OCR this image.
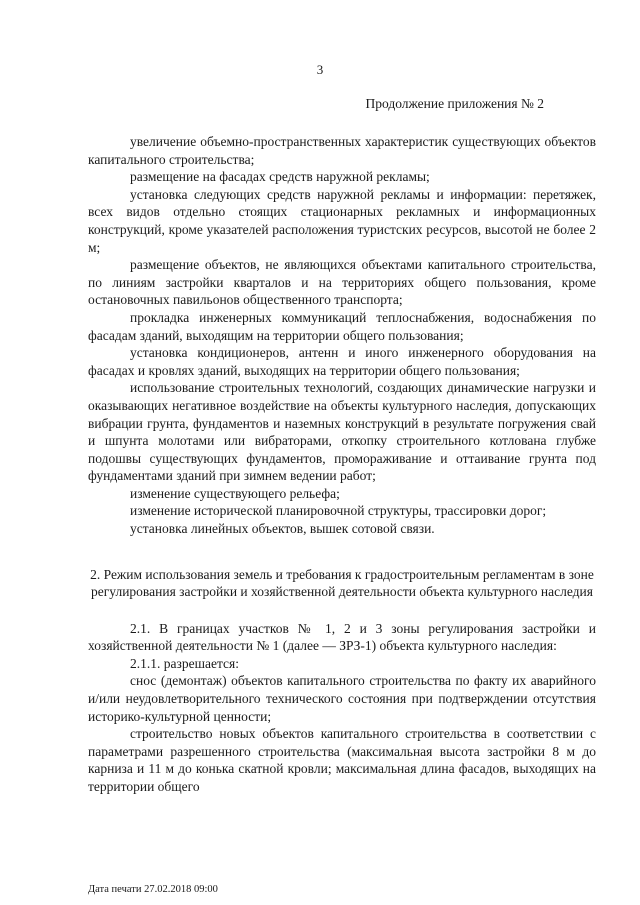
3
Продолжение приложения № 2

увеличение объемно-пространственных характеристик существующих объектов капитального строительства;

размещение на фасадах средств наружной рекламы;

установка следующих средств наружной рекламы и информации: перетяжек, всех видов отдельно стоящих стационарных рекламных и информационных конструкций, кроме указателей расположения туристских ресурсов, высотой не более 2 м;

размещение объектов, не являющихся объектами капитального строительства, по линиям застройки кварталов и на территориях общего пользования, кроме остановочных павильонов общественного транспорта;

прокладка инженерных коммуникаций теплоснабжения, водоснабжения по фасадам зданий, выходящим на территории общего пользования;

установка кондиционеров, антенн и иного инженерного оборудования на фасадах и кровлях зданий, выходящих на территории общего пользования;

использование строительных технологий, создающих динамические нагрузки и оказывающих негативное воздействие на объекты культурного наследия, допускающих вибрации грунта, фундаментов и наземных конструкций в результате погружения свай и шпунта молотами или вибраторами, откопку строительного котлована глубже подошвы существующих фундаментов, промораживание и оттаивание грунта под фундаментами зданий при зимнем ведении работ;

изменение существующего рельефа;

изменение исторической планировочной структуры, трассировки дорог;

установка линейных объектов, вышек сотовой связи.

2. Режим использования земель и требования к градостроительным регламентам в зоне регулирования застройки и хозяйственной деятельности объекта культурного наследия

2.1. В границах участков № 1, 2 и 3 зоны регулирования застройки и хозяйственной деятельности № 1 (далее — ЗРЗ-1) объекта культурного наследия:

2.1.1. разрешается:

снос (демонтаж) объектов капитального строительства по факту их аварийного и/или неудовлетворительного технического состояния при подтверждении отсутствия историко-культурной ценности;

строительство новых объектов капитального строительства в соответствии с параметрами разрешенного строительства (максимальная высота застройки 8 м до карниза и 11 м до конька скатной кровли; максимальная длина фасадов, выходящих на территории общего

Дата печати 27.02.2018 09:00
